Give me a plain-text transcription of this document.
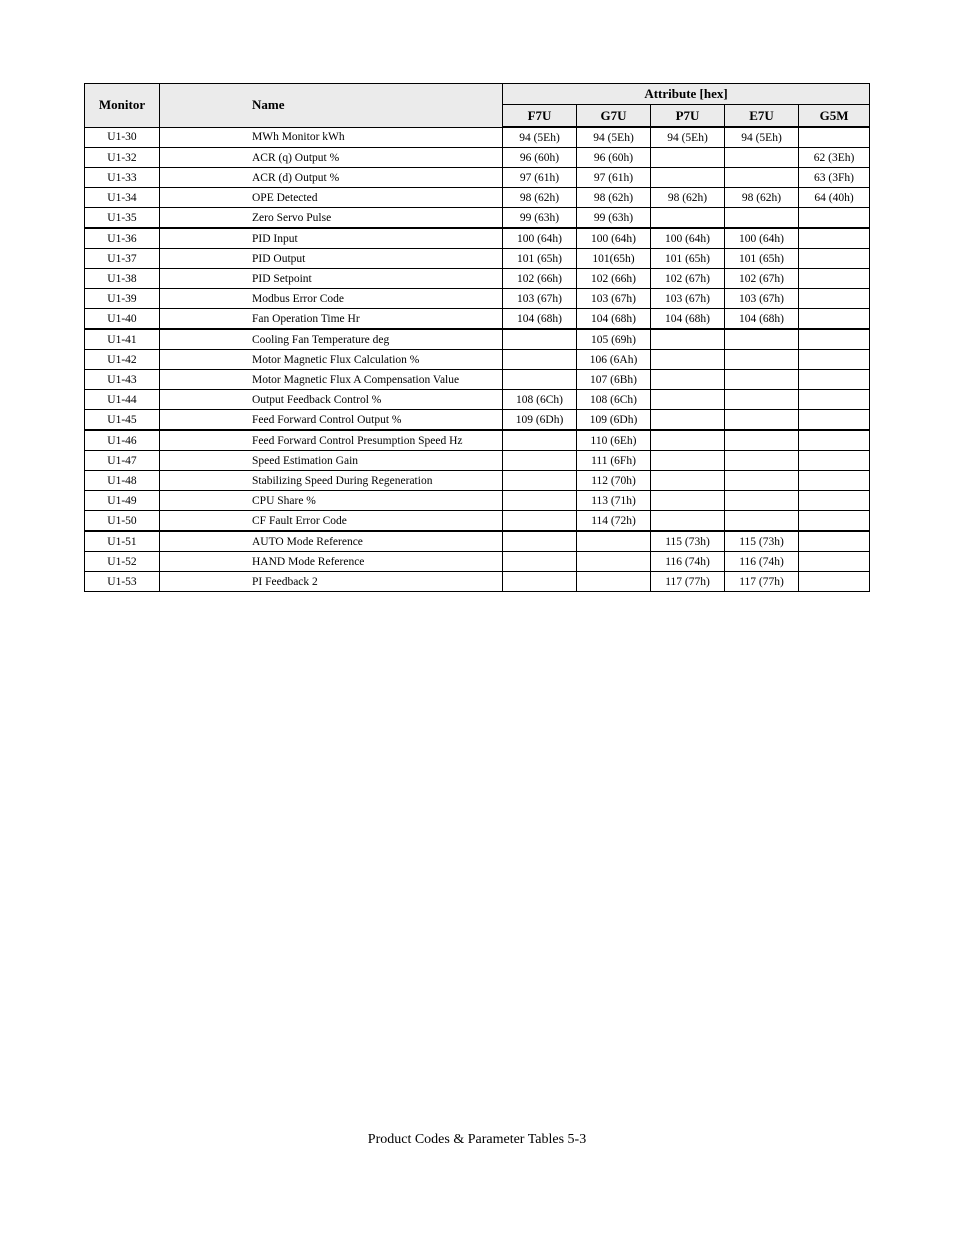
Monitor	Name	Attribute [hex]				
		F7U	G7U	P7U	E7U	G5M
U1-30	MWh Monitor kWh	94 (5Eh)	94 (5Eh)	94 (5Eh)	94 (5Eh)	
U1-32	ACR (q) Output %	96 (60h)	96 (60h)			62 (3Eh)
U1-33	ACR (d) Output %	97 (61h)	97 (61h)			63 (3Fh)
U1-34	OPE Detected	98 (62h)	98 (62h)	98 (62h)	98 (62h)	64 (40h)
U1-35	Zero Servo Pulse	99 (63h)	99 (63h)			
U1-36	PID Input	100 (64h)	100 (64h)	100 (64h)	100 (64h)	
U1-37	PID Output	101 (65h)	101(65h)	101 (65h)	101 (65h)	
U1-38	PID Setpoint	102 (66h)	102 (66h)	102 (67h)	102 (67h)	
U1-39	Modbus Error Code	103 (67h)	103 (67h)	103 (67h)	103 (67h)	
U1-40	Fan Operation Time Hr	104 (68h)	104 (68h)	104 (68h)	104 (68h)	
U1-41	Cooling Fan Temperature deg		105 (69h)			
U1-42	Motor Magnetic Flux Calculation %		106 (6Ah)			
U1-43	Motor Magnetic Flux A Compensation Value		107 (6Bh)			
U1-44	Output Feedback Control %	108 (6Ch)	108 (6Ch)			
U1-45	Feed Forward Control Output %	109 (6Dh)	109 (6Dh)			
U1-46	Feed Forward Control Presumption Speed Hz		110 (6Eh)			
U1-47	Speed Estimation Gain		111 (6Fh)			
U1-48	Stabilizing Speed During Regeneration		112 (70h)			
U1-49	CPU Share %		113 (71h)			
U1-50	CF Fault Error Code		114 (72h)			
U1-51	AUTO Mode Reference			115 (73h)	115 (73h)	
U1-52	HAND Mode Reference			116 (74h)	116 (74h)	
U1-53	PI Feedback 2			117 (77h)	117 (77h)	
Product Codes & Parameter Tables 5-3
